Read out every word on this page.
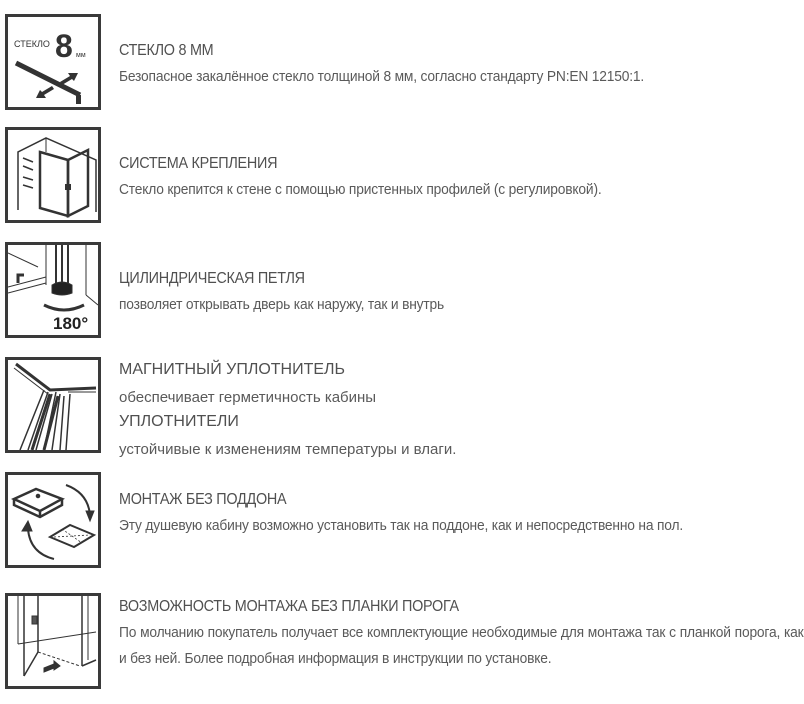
СТЕКЛО 8 мм СТЕКЛО 8 ММ
Безопасное закалённое стекло толщиной 8 мм, согласно стандарту PN:EN 12150:1.
СИСТЕМА КРЕПЛЕНИЯ
Стекло крепится к стене с помощью пристенных профилей (с регулировкой).
180°
ЦИЛИНДРИЧЕСКАЯ ПЕТЛЯ
позволяет открывать дверь как наружу, так и внутрь
МАГНИТНЫЙ УПЛОТНИТЕЛЬ
обеспечивает герметичность кабины
УПЛОТНИТЕЛИ
устойчивые к изменениям температуры и влаги.
МОНТАЖ БЕЗ ПОДДОНА
Эту душевую кабину возможно установить так на поддоне, как и непосредственно на пол.
ВОЗМОЖНОСТЬ МОНТАЖА БЕЗ ПЛАНКИ ПОРОГА
По молчанию покупатель получает все комплектующие необходимые для монтажа так с планкой порога, как и без ней. Более подробная информация в инструкции по установке.
